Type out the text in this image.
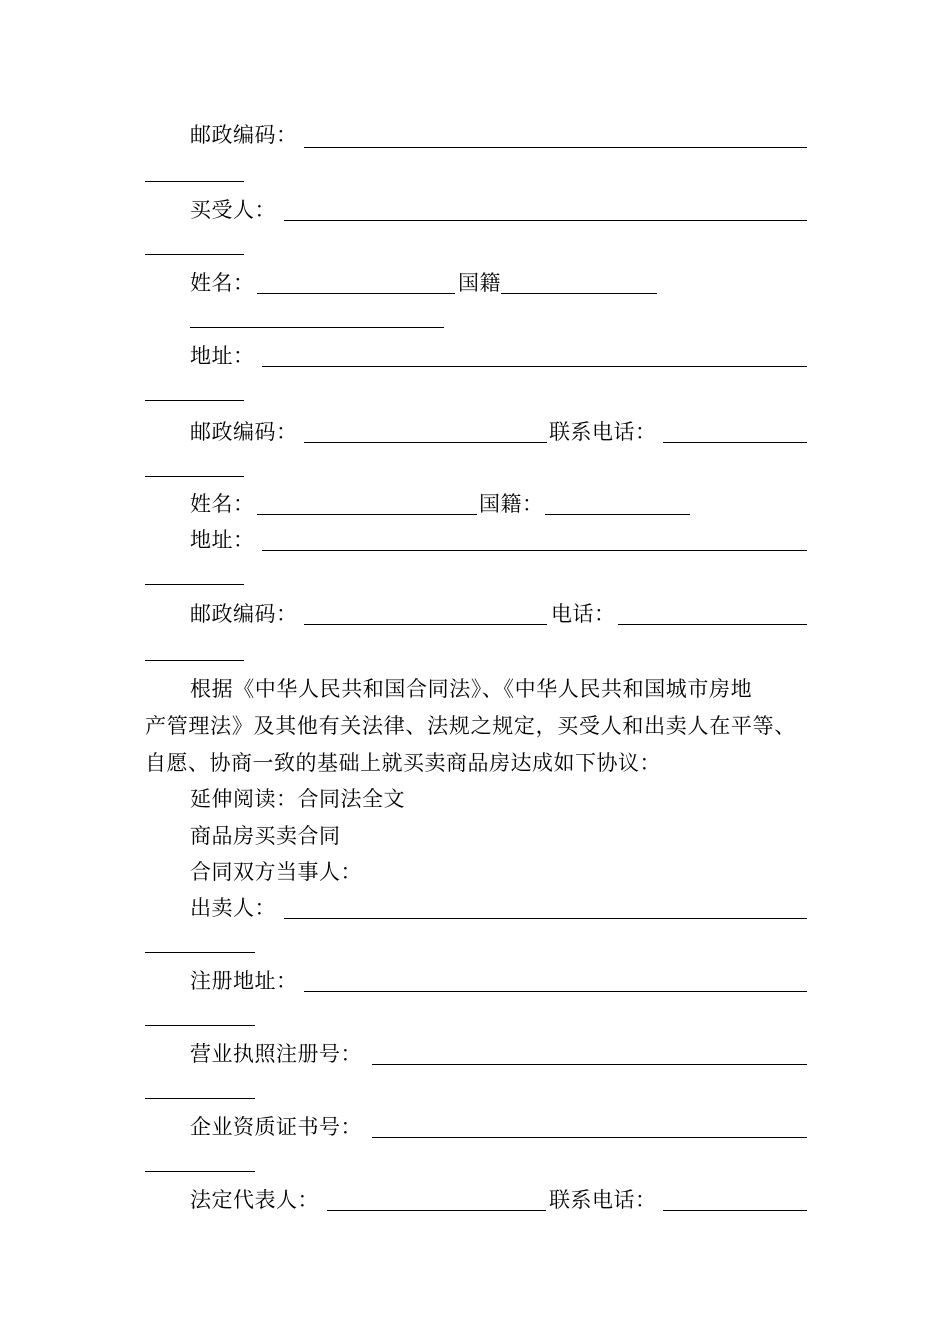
邮政编码：
买受人：
姓名：	国籍
地址：
邮政编码：	联系电话：
姓名：	国籍：
地址：
邮政编码：	电话：
根据《中华人民共和国合同法》、《中华人民共和国城市房地
产管理法》及其他有关法律、法规之规定，买受人和出卖人在平等、
自愿、协商一致的基础上就买卖商品房达成如下协议：
延伸阅读：合同法全文
商品房买卖合同
合同双方当事人：
出卖人：
注册地址：
营业执照注册号：
企业资质证书号：
法定代表人：	联系电话：
